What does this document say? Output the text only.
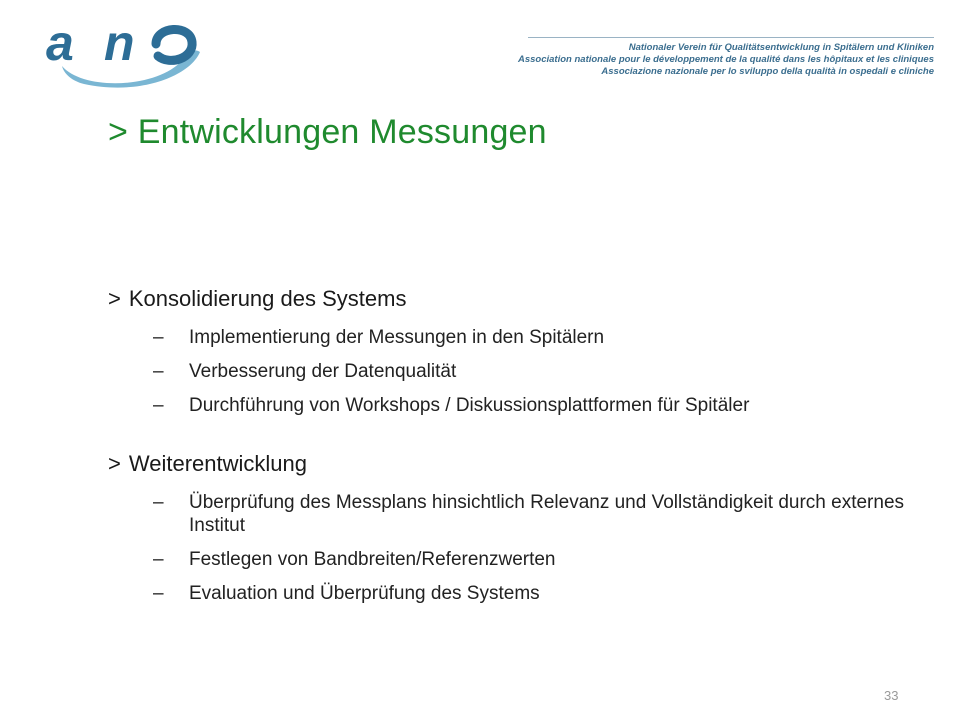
a n	Nationaler Verein für Qualitätsentwicklung in Spitälern und Kliniken
Association nationale pour le développement de la qualité dans les hôpitaux et les cliniques
Associazione nazionale per lo sviluppo della qualità in ospedali e cliniche
> Entwicklungen Messungen
> Konsolidierung des Systems
– Implementierung der Messungen in den Spitälern
– Verbesserung der Datenqualität
– Durchführung von Workshops / Diskussionsplattformen für Spitäler
> Weiterentwicklung
– Überprüfung des Messplans hinsichtlich Relevanz und Vollständigkeit durch externes Institut
– Festlegen von Bandbreiten/Referenzwerten
– Evaluation und Überprüfung des Systems
33
